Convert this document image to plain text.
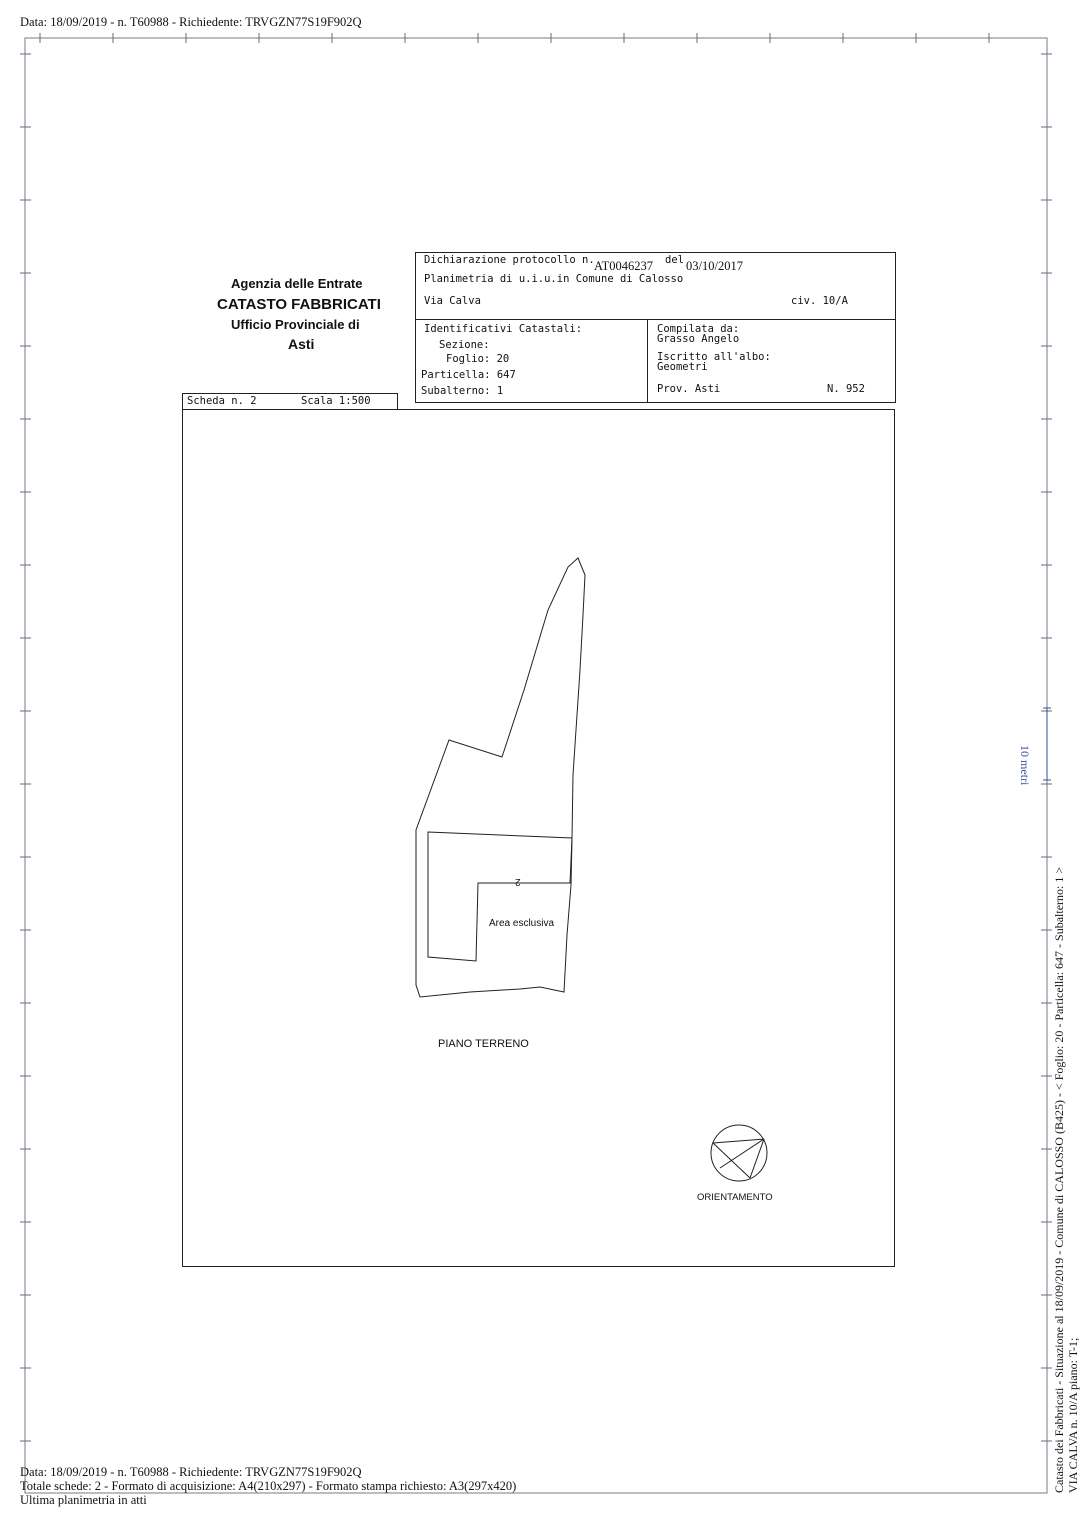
Data: 18/09/2019 - n. T60988 - Richiedente: TRVGZN77S19F902Q
Agenzia delle Entrate
CATASTO FABBRICATI
Ufficio Provinciale di
Asti
Dichiarazione protocollo n. AT0046237 del 03/10/2017
Planimetria di u.i.u.in Comune di Calosso
Via Calva	civ. 10/A
Identificativi Catastali:
Sezione:
Foglio: 20
Particella: 647
Subalterno: 1
Compilata da:
Grasso Angelo
Iscritto all'albo:
Geometri
Prov. Asti	N. 952
Scheda n. 2	Scala 1:500
2
Area esclusiva
PIANO TERRENO
ORIENTAMENTO
10 metri
Catasto dei Fabbricati - Situazione al 18/09/2019 - Comune di CALOSSO (B425) - < Foglio: 20 - Particella: 647 - Subalterno: 1 > VIA CALVA n. 10/A piano: T-1;
Data: 18/09/2019 - n. T60988 - Richiedente: TRVGZN77S19F902Q
Totale schede: 2 - Formato di acquisizione: A4(210x297) - Formato stampa richiesto: A3(297x420)
Ultima planimetria in atti
